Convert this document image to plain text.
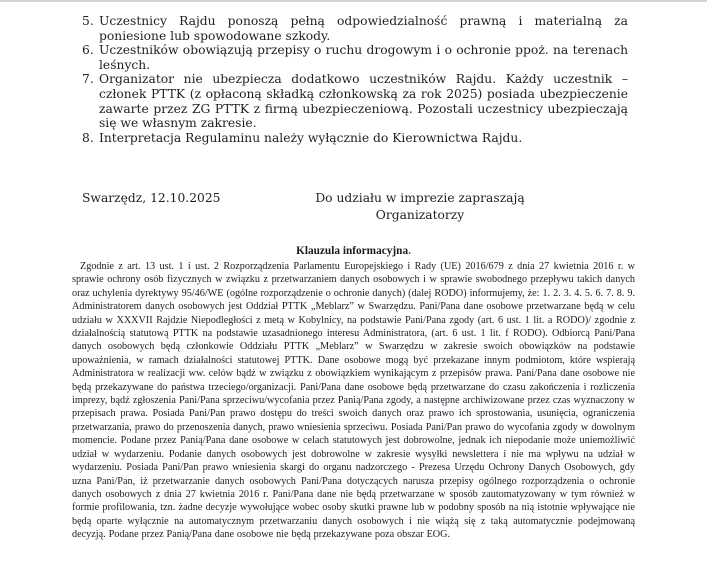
5. Uczestnicy Rajdu ponoszą pełną odpowiedzialność prawną i materialną za poniesione lub spowodowane szkody.
6. Uczestników obowiązują przepisy o ruchu drogowym i o ochronie ppoż. na terenach leśnych.
7. Organizator nie ubezpiecza dodatkowo uczestników Rajdu. Każdy uczestnik – członek PTTK (z opłaconą składką członkowską za rok 2025) posiada ubezpieczenie zawarte przez ZG PTTK z firmą ubezpieczeniową. Pozostali uczestnicy ubezpieczają się we własnym zakresie.
8. Interpretacja Regulaminu należy wyłącznie do Kierownictwa Rajdu.
Swarzędz, 12.10.2025	Do udziału w imprezie zapraszają
Organizatorzy
Klauzula informacyjna.
Zgodnie z art. 13 ust. 1 i ust. 2 Rozporządzenia Parlamentu Europejskiego i Rady (UE) 2016/679 z dnia 27 kwietnia 2016 r. w sprawie ochrony osób fizycznych w związku z przetwarzaniem danych osobowych i w sprawie swobodnego przepływu takich danych oraz uchylenia dyrektywy 95/46/WE (ogólne rozporządzenie o ochronie danych) (dalej RODO) informujemy, że: 1. 2. 3. 4. 5. 6. 7. 8. 9. Administratorem danych osobowych jest Oddział PTTK „Meblarz” w Swarzędzu. Pani/Pana dane osobowe przetwarzane będą w celu udziału w XXXVII Rajdzie Niepodległości z metą w Kobylnicy, na podstawie Pani/Pana zgody (art. 6 ust. 1 lit. a RODO)/ zgodnie z działalnością statutową PTTK na podstawie uzasadnionego interesu Administratora, (art. 6 ust. 1 lit. f RODO). Odbiorcą Pani/Pana danych osobowych będą członkowie Oddziału PTTK „Meblarz” w Swarzędzu w zakresie swoich obowiązków na podstawie upoważnienia, w ramach działalności statutowej PTTK. Dane osobowe mogą być przekazane innym podmiotom, które wspierają Administratora w realizacji ww. celów bądź w związku z obowiązkiem wynikającym z przepisów prawa. Pani/Pana dane osobowe nie będą przekazywane do państwa trzeciego/organizacji. Pani/Pana dane osobowe będą przetwarzane do czasu zakończenia i rozliczenia imprezy, bądź zgłoszenia Pani/Pana sprzeciwu/wycofania przez Panią/Pana zgody, a następne archiwizowane przez czas wyznaczony w przepisach prawa. Posiada Pani/Pan prawo dostępu do treści swoich danych oraz prawo ich sprostowania, usunięcia, ograniczenia przetwarzania, prawo do przenoszenia danych, prawo wniesienia sprzeciwu. Posiada Pani/Pan prawo do wycofania zgody w dowolnym momencie. Podane przez Panią/Pana dane osobowe w celach statutowych jest dobrowolne, jednak ich niepodanie może uniemożliwić udział w wydarzeniu. Podanie danych osobowych jest dobrowolne w zakresie wysyłki newslettera i nie ma wpływu na udział w wydarzeniu. Posiada Pani/Pan prawo wniesienia skargi do organu nadzorczego - Prezesa Urzędu Ochrony Danych Osobowych, gdy uzna Pani/Pan, iż przetwarzanie danych osobowych Pani/Pana dotyczących narusza przepisy ogólnego rozporządzenia o ochronie danych osobowych z dnia 27 kwietnia 2016 r. Pani/Pana dane nie będą przetwarzane w sposób zautomatyzowany w tym również w formie profilowania, tzn. żadne decyzje wywołujące wobec osoby skutki prawne lub w podobny sposób na nią istotnie wpływające nie będą oparte wyłącznie na automatycznym przetwarzaniu danych osobowych i nie wiążą się z taką automatycznie podejmowaną decyzją. Podane przez Panią/Pana dane osobowe nie będą przekazywane poza obszar EOG.
